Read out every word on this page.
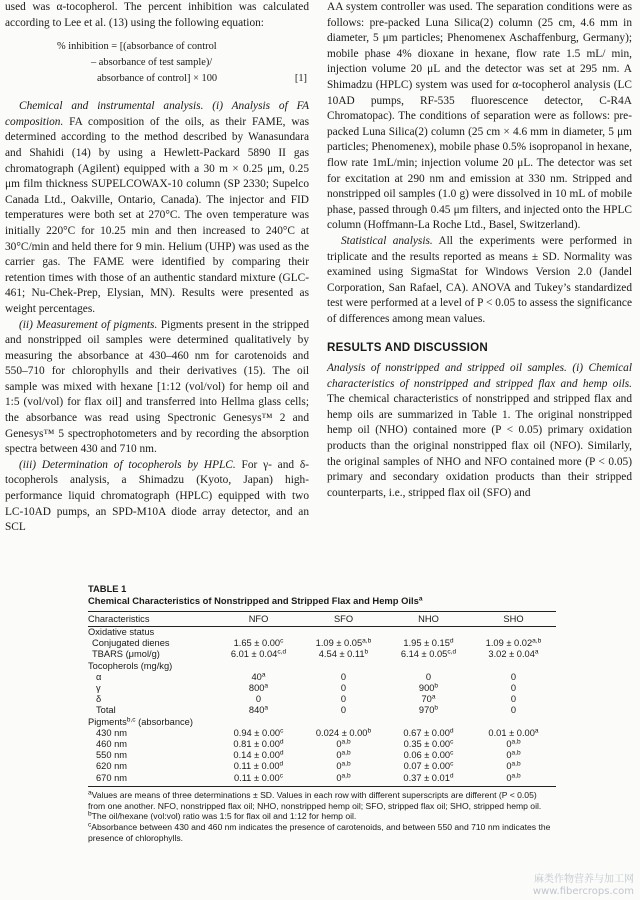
used was α-tocopherol. The percent inhibition was calculated according to Lee et al. (13) using the following equation:

% inhibition = [(absorbance of control
– absorbance of test sample)/
absorbance of control] × 100	[1]

Chemical and instrumental analysis. (i) Analysis of FA composition. FA composition of the oils, as their FAME, was determined according to the method described by Wanasundara and Shahidi (14) by using a Hewlett-Packard 5890 II gas chromatograph (Agilent) equipped with a 30 m × 0.25 μm, 0.25 μm film thickness SUPELCOWAX-10 column (SP 2330; Supelco Canada Ltd., Oakville, Ontario, Canada). The injector and FID temperatures were both set at 270°C. The oven temperature was initially 220°C for 10.25 min and then increased to 240°C at 30°C/min and held there for 9 min. Helium (UHP) was used as the carrier gas. The FAME were identified by comparing their retention times with those of an authentic standard mixture (GLC-461; Nu-Chek-Prep, Elysian, MN). Results were presented as weight percentages.

(ii) Measurement of pigments. Pigments present in the stripped and nonstripped oil samples were determined qualitatively by measuring the absorbance at 430–460 nm for carotenoids and 550–710 for chlorophylls and their derivatives (15). The oil sample was mixed with hexane [1:12 (vol/vol) for hemp oil and 1:5 (vol/vol) for flax oil] and transferred into Hellma glass cells; the absorbance was read using Spectronic Genesys™ 2 and Genesys™ 5 spectrophotometers and by recording the absorption spectra between 430 and 710 nm.

(iii) Determination of tocopherols by HPLC. For γ- and δ-tocopherols analysis, a Shimadzu (Kyoto, Japan) high-performance liquid chromatograph (HPLC) equipped with two LC-10AD pumps, an SPD-M10A diode array detector, and an SCL

AA system controller was used. The separation conditions were as follows: pre-packed Luna Silica(2) column (25 cm, 4.6 mm in diameter, 5 μm particles; Phenomenex Aschaffenburg, Germany); mobile phase 4% dioxane in hexane, flow rate 1.5 mL/ min, injection volume 20 μL and the detector was set at 295 nm. A Shimadzu (HPLC) system was used for α-tocopherol analysis (LC 10AD pumps, RF-535 fluorescence detector, C-R4A Chromatopac). The conditions of separation were as follows: pre-packed Luna Silica(2) column (25 cm × 4.6 mm in diameter, 5 μm particles; Phenomenex), mobile phase 0.5% isopropanol in hexane, flow rate 1mL/min; injection volume 20 μL. The detector was set for excitation at 290 nm and emission at 330 nm. Stripped and nonstripped oil samples (1.0 g) were dissolved in 10 mL of mobile phase, passed through 0.45 μm filters, and injected onto the HPLC column (Hoffmann-La Roche Ltd., Basel, Switzerland).

Statistical analysis. All the experiments were performed in triplicate and the results reported as means ± SD. Normality was examined using SigmaStat for Windows Version 2.0 (Jandel Corporation, San Rafael, CA). ANOVA and Tukey’s standardized test were performed at a level of P < 0.05 to assess the significance of differences among mean values.

RESULTS AND DISCUSSION

Analysis of nonstripped and stripped oil samples. (i) Chemical characteristics of nonstripped and stripped flax and hemp oils. The chemical characteristics of nonstripped and stripped flax and hemp oils are summarized in Table 1. The original nonstripped hemp oil (NHO) contained more (P < 0.05) primary oxidation products than the original nonstripped flax oil (NFO). Similarly, the original samples of NHO and NFO contained more (P < 0.05) primary and secondary oxidation products than their stripped counterparts, i.e., stripped flax oil (SFO) and

TABLE 1
Chemical Characteristics of Nonstripped and Stripped Flax and Hemp Oils$^a$
Characteristics	NFO	SFO	NHO	SHO
Oxidative status				
Conjugated dienes	1.65 ± 0.00$^c$	$1.09 \pm 0.05^{a,b}$	1.95 ± 0.15$^d$	$1.09 \pm 0.02^{a,b}$
TBARS (μmol/g)	$6.01 \pm 0.04^{c,d}$	4.54 ± 0.11$^b$	$6.14 \pm 0.05^{c,d}$	3.02 ± 0.04$^a$
Tocopherols (mg/kg)				
α	40$^a$	0	0	0
γ	800$^a$	0	900$^b$	0
δ	0	0	70$^a$	0
Total	840$^a$	0	970$^b$	0
Pigments$^{b,c}$ (absorbance)				
430 nm	0.94 ± 0.00$^c$	0.024 ± 0.00$^b$	0.67 ± 0.00$^d$	0.01 ± 0.00$^a$
460 nm	0.81 ± 0.00$^d$	0$^{a,b}$	0.35 ± 0.00$^c$	0$^{a,b}$
550 nm	0.14 ± 0.00$^d$	0$^{a,b}$	0.06 ± 0.00$^c$	0$^{a,b}$
620 nm	0.11 ± 0.00$^d$	0$^{a,b}$	0.07 ± 0.00$^c$	0$^{a,b}$
670 nm	0.11 ± 0.00$^c$	0$^{a,b}$	0.37 ± 0.01$^d$	0$^{a,b}$

$^a$Values are means of three determinations ± SD. Values in each row with different superscripts are different (P < 0.05) from one another. NFO, nonstripped flax oil; NHO, nonstripped hemp oil; SFO, stripped flax oil; SHO, stripped hemp oil.

$^b$The oil/hexane (vol:vol) ratio was 1:5 for flax oil and 1:12 for hemp oil.

$^c$Absorbance between 430 and 460 nm indicates the presence of carotenoids, and between 550 and 710 nm indicates the presence of chlorophylls.

麻类作物营养与加工网
www.fibercrops.com
